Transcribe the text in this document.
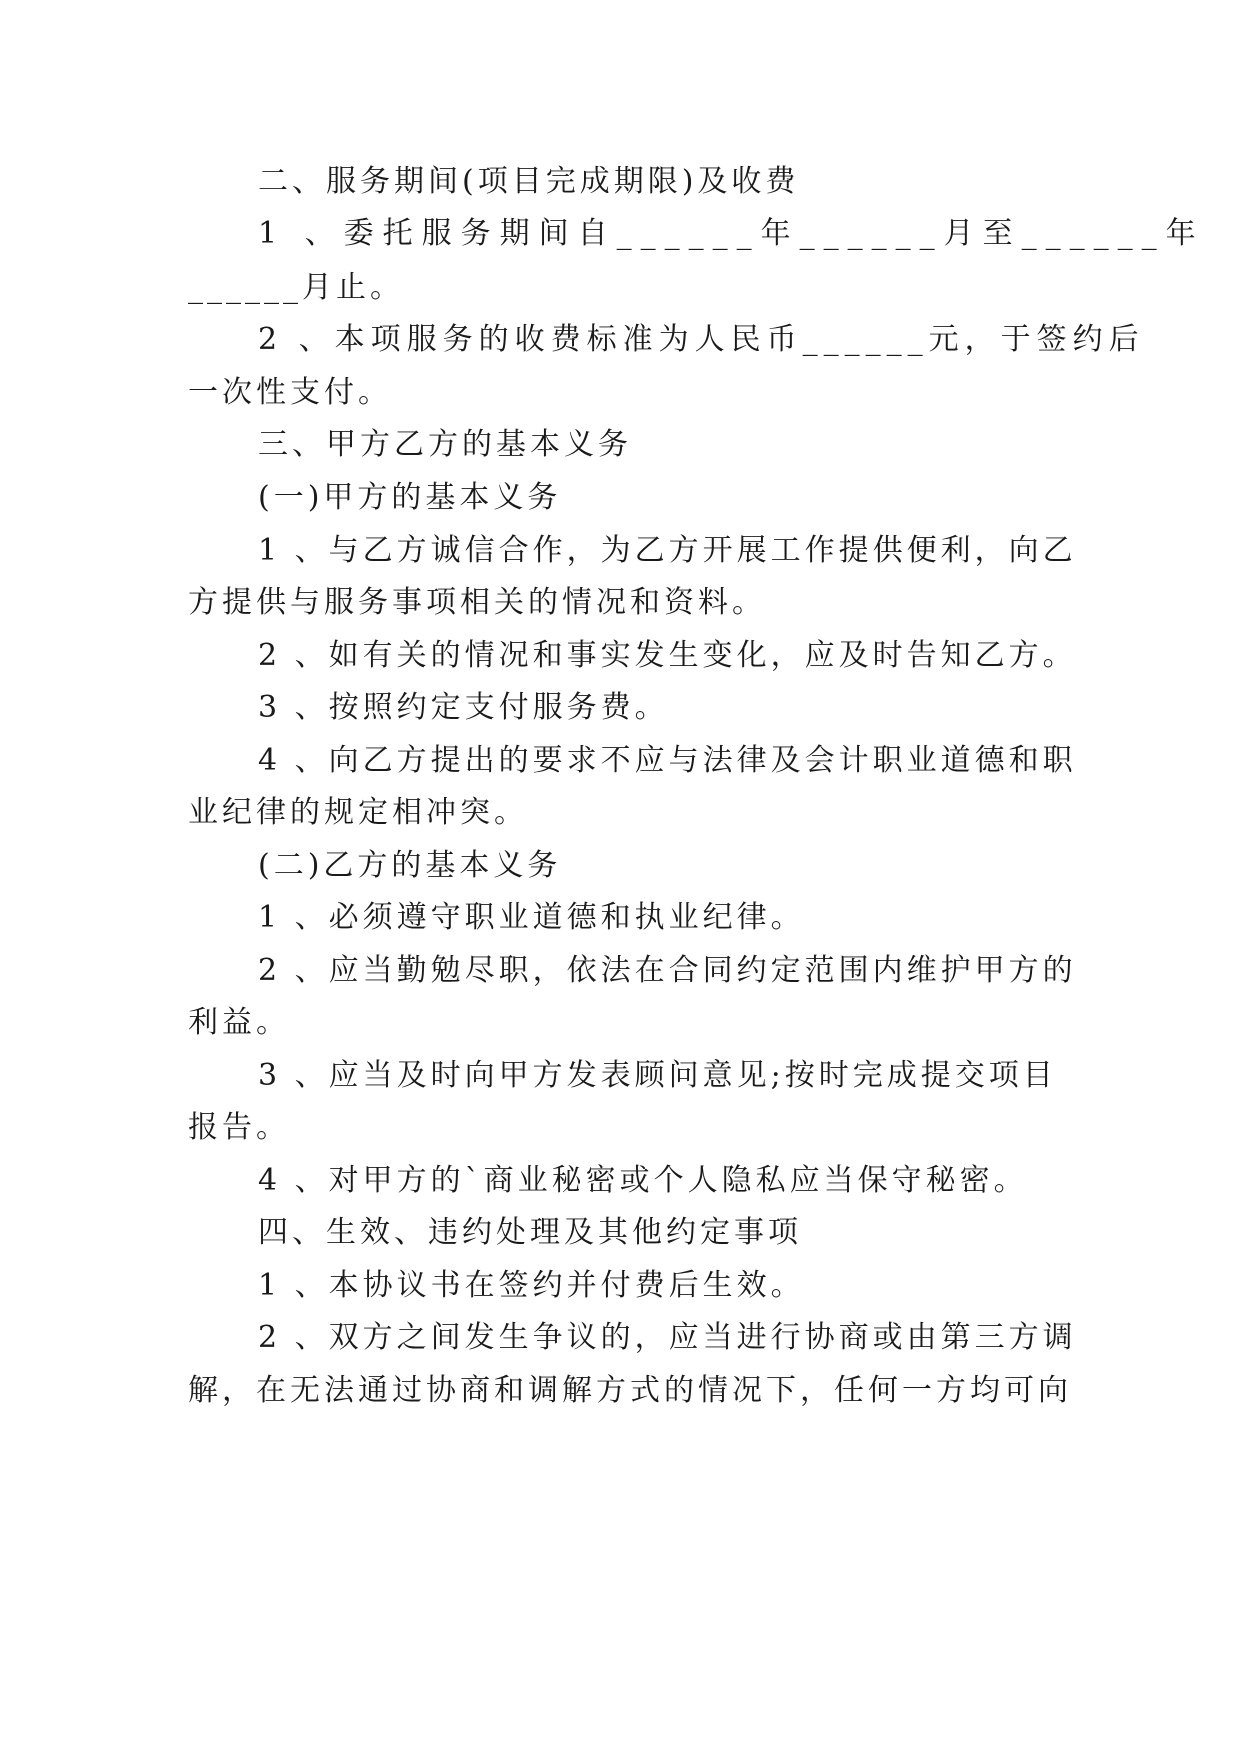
二、服务期间(项目完成期限)及收费
1 、委托服务期间自______年______月至______年
______月止。
2 、本项服务的收费标准为人民币______元，于签约后
一次性支付。
三、甲方乙方的基本义务
(一)甲方的基本义务
1 、与乙方诚信合作，为乙方开展工作提供便利，向乙
方提供与服务事项相关的情况和资料。
2 、如有关的情况和事实发生变化，应及时告知乙方。
3 、按照约定支付服务费。
4 、向乙方提出的要求不应与法律及会计职业道德和职
业纪律的规定相冲突。
(二)乙方的基本义务
1 、必须遵守职业道德和执业纪律。
2 、应当勤勉尽职，依法在合同约定范围内维护甲方的
利益。
3 、应当及时向甲方发表顾问意见;按时完成提交项目
报告。
4 、对甲方的`商业秘密或个人隐私应当保守秘密。
四、生效、违约处理及其他约定事项
1 、本协议书在签约并付费后生效。
2 、双方之间发生争议的，应当进行协商或由第三方调
解，在无法通过协商和调解方式的情况下，任何一方均可向
